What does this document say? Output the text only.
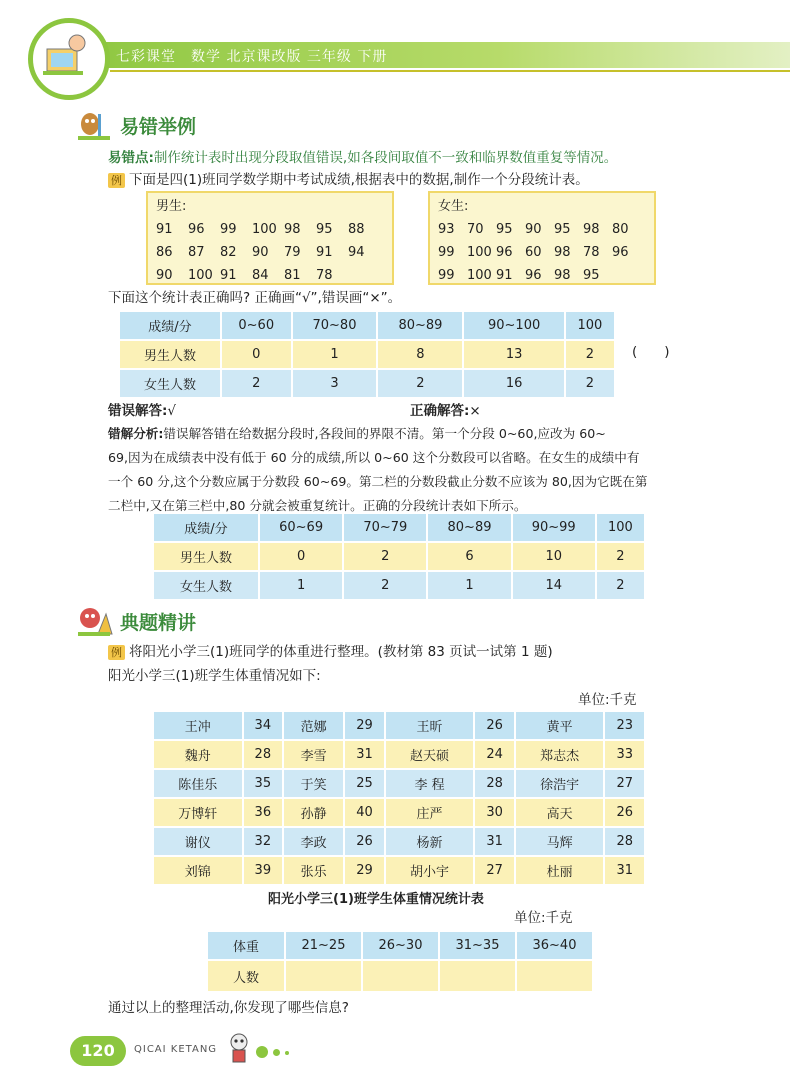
七彩课堂　数学 北京课改版 三年级 下册
易错举例
易错点:制作统计表时出现分段取值错误,如各段间取值不一致和临界数值重复等情况。
例 下面是四(1)班同学数学期中考试成绩,根据表中的数据,制作一个分段统计表。
男生:
91 96 99 100 98 95 88
86 87 82 90 79 91 94
90 100 91 84 81 78
女生:
93 70 95 90 95 98 80
99 100 96 60 98 78 96
99 100 91 96 98 95
下面这个统计表正确吗? 正确画“√”,错误画“×”。
成绩/分	0~60	70~80	80~89	90~100	100
男生人数	0	1	8	13	2
女生人数	2	3	2	16	2
(　　)
错误解答:√	正确解答:×
错解分析:错误解答错在给数据分段时,各段间的界限不清。第一个分段 0~60,应改为 60~
69,因为在成绩表中没有低于 60 分的成绩,所以 0~60 这个分数段可以省略。在女生的成绩中有
一个 60 分,这个分数应属于分数段 60~69。第二栏的分数段截止分数不应该为 80,因为它既在第
二栏中,又在第三栏中,80 分就会被重复统计。正确的分段统计表如下所示。
成绩/分	60~69	70~79	80~89	90~99	100
男生人数	0	2	6	10	2
女生人数	1	2	1	14	2
典题精讲
例 将阳光小学三(1)班同学的体重进行整理。(教材第 83 页试一试第 1 题)
阳光小学三(1)班学生体重情况如下:
单位:千克
王冲	34	范娜	29	王昕	26	黄平	23
魏舟	28	李雪	31	赵天硕	24	郑志杰	33
陈佳乐	35	于笑	25	李 程	28	徐浩宇	27
万博轩	36	孙静	40	庄严	30	高天	26
谢仪	32	李政	26	杨新	31	马辉	28
刘锦	39	张乐	29	胡小宇	27	杜丽	31
阳光小学三(1)班学生体重情况统计表
单位:千克
体重	21~25	26~30	31~35	36~40
人数				
通过以上的整理活动,你发现了哪些信息?
120	QICAI KETANG
